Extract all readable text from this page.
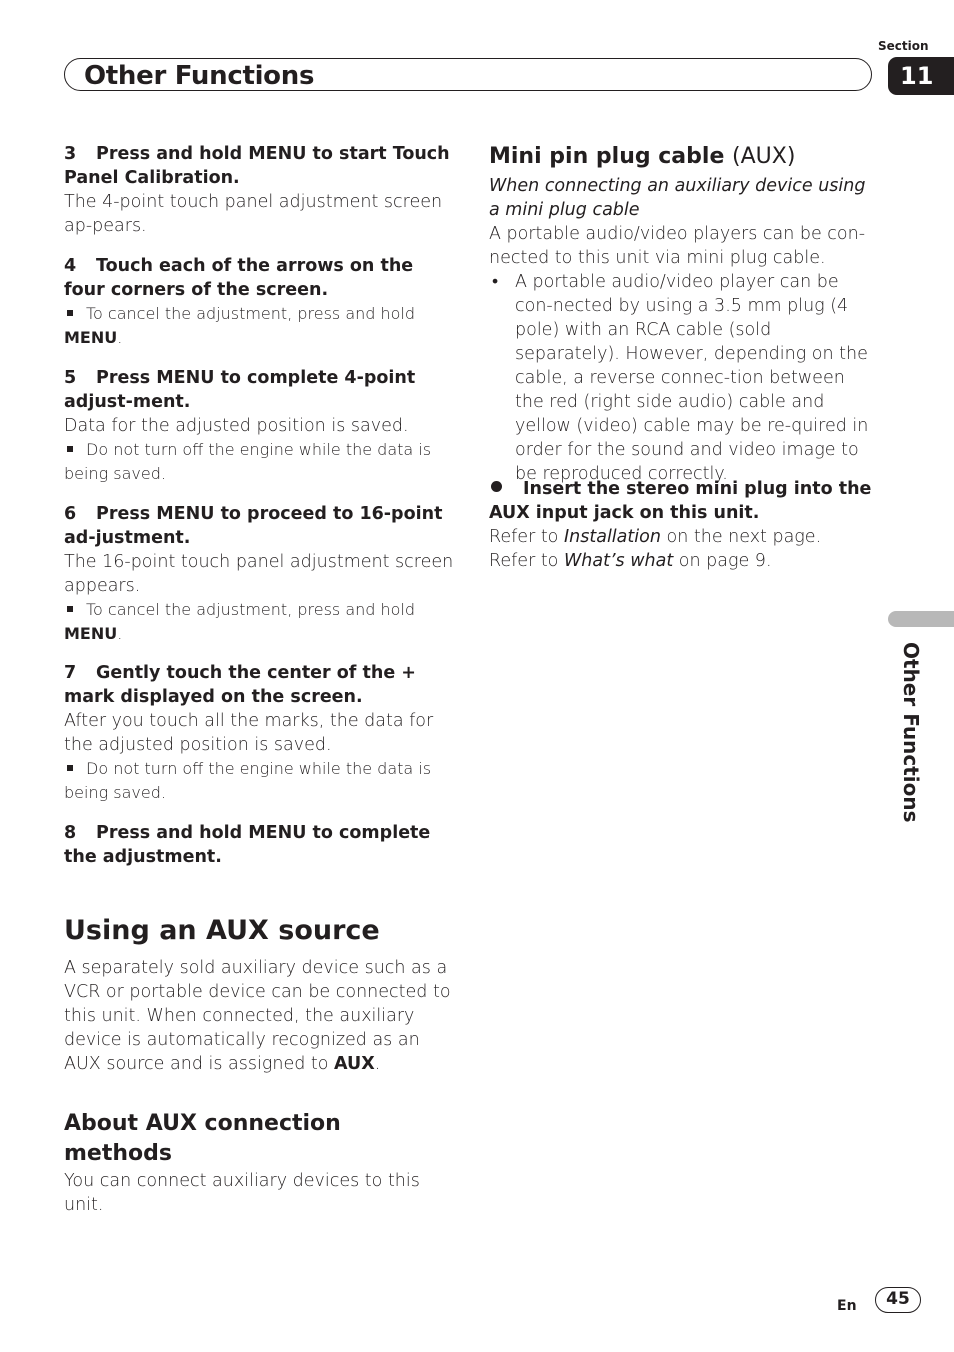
Section
Other Functions	11
3 Press and hold MENU to start Touch Panel Calibration.
The 4-point touch panel adjustment screen ap-pears.
4 Touch each of the arrows on the four corners of the screen.
To cancel the adjustment, press and hold
MENU.
5 Press MENU to complete 4-point adjust-ment.
Data for the adjusted position is saved.
Do not turn off the engine while the data is being saved.
6 Press MENU to proceed to 16-point ad-justment.
The 16-point touch panel adjustment screen appears.
To cancel the adjustment, press and hold
MENU.
7 Gently touch the center of the + mark displayed on the screen.
After you touch all the marks, the data for the adjusted position is saved.
Do not turn off the engine while the data is being saved.
8 Press and hold MENU to complete the adjustment.
Using an AUX source
A separately sold auxiliary device such as a VCR or portable device can be connected to this unit. When connected, the auxiliary device is automatically recognized as an AUX source and is assigned to AUX.
About AUX connection methods
You can connect auxiliary devices to this unit.
Mini pin plug cable (AUX)
When connecting an auxiliary device using a mini plug cable
A portable audio/video players can be con-nected to this unit via mini plug cable.
• A portable audio/video player can be con-nected by using a 3.5 mm plug (4 pole) with an RCA cable (sold separately). However, depending on the cable, a reverse connec-tion between the red (right side audio) cable and yellow (video) cable may be re-quired in order for the sound and video image to be reproduced correctly.
Insert the stereo mini plug into the AUX input jack on this unit.
Refer to Installation on the next page.
Refer to What’s what on page 9.
Other Functions
En	45
